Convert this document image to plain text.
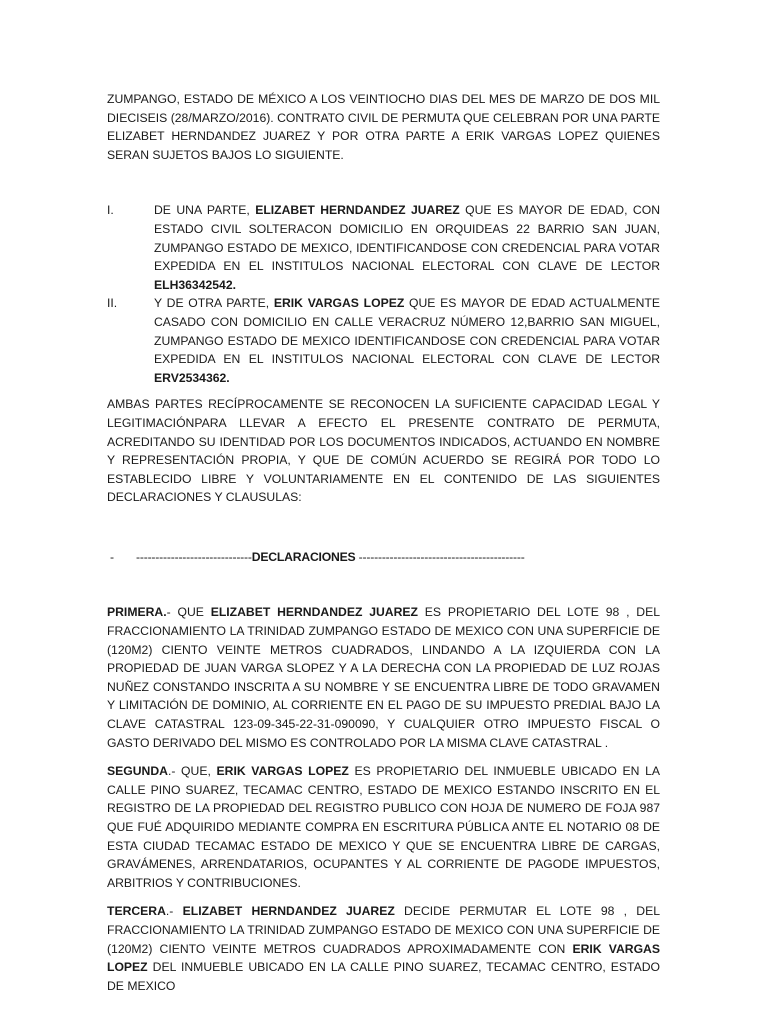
ZUMPANGO, ESTADO DE MÉXICO A LOS VEINTIOCHO DIAS DEL MES DE MARZO DE DOS MIL DIECISEIS (28/MARZO/2016). CONTRATO CIVIL DE PERMUTA QUE CELEBRAN POR UNA PARTE ELIZABET HERNDANDEZ JUAREZ Y POR OTRA PARTE A ERIK VARGAS LOPEZ QUIENES SERAN SUJETOS BAJOS LO SIGUIENTE.

I.	DE UNA PARTE, ELIZABET HERNDANDEZ JUAREZ QUE ES MAYOR DE EDAD, CON ESTADO CIVIL SOLTERACON DOMICILIO EN ORQUIDEAS 22 BARRIO SAN JUAN, ZUMPANGO ESTADO DE MEXICO, IDENTIFICANDOSE CON CREDENCIAL PARA VOTAR EXPEDIDA EN EL INSTITULOS NACIONAL ELECTORAL CON CLAVE DE LECTOR ELH36342542.
II.	Y DE OTRA PARTE, ERIK VARGAS LOPEZ QUE ES MAYOR DE EDAD ACTUALMENTE CASADO CON DOMICILIO EN CALLE VERACRUZ NÚMERO 12,BARRIO SAN MIGUEL, ZUMPANGO ESTADO DE MEXICO IDENTIFICANDOSE CON CREDENCIAL PARA VOTAR EXPEDIDA EN EL INSTITULOS NACIONAL ELECTORAL CON CLAVE DE LECTOR ERV2534362.

AMBAS PARTES RECÍPROCAMENTE SE RECONOCEN LA SUFICIENTE CAPACIDAD LEGAL Y LEGITIMACIÓNPARA LLEVAR A EFECTO EL PRESENTE CONTRATO DE PERMUTA, ACREDITANDO SU IDENTIDAD POR LOS DOCUMENTOS INDICADOS, ACTUANDO EN NOMBRE Y REPRESENTACIÓN PROPIA, Y QUE DE COMÚN ACUERDO SE REGIRÁ POR TODO LO ESTABLECIDO LIBRE Y VOLUNTARIAMENTE EN EL CONTENIDO DE LAS SIGUIENTES DECLARACIONES Y CLAUSULAS:

- ------------------------------DECLARACIONES -------------------------------------------

PRIMERA.- QUE ELIZABET HERNDANDEZ JUAREZ ES PROPIETARIO DEL LOTE 98 , DEL FRACCIONAMIENTO LA TRINIDAD ZUMPANGO ESTADO DE MEXICO CON UNA SUPERFICIE DE (120M2) CIENTO VEINTE METROS CUADRADOS, LINDANDO A LA IZQUIERDA CON LA PROPIEDAD DE JUAN VARGA SLOPEZ Y A LA DERECHA CON LA PROPIEDAD DE LUZ ROJAS NUÑEZ CONSTANDO INSCRITA A SU NOMBRE Y SE ENCUENTRA LIBRE DE TODO GRAVAMEN Y LIMITACIÓN DE DOMINIO, AL CORRIENTE EN EL PAGO DE SU IMPUESTO PREDIAL BAJO LA CLAVE CATASTRAL 123-09-345-22-31-090090, Y CUALQUIER OTRO IMPUESTO FISCAL O GASTO DERIVADO DEL MISMO ES CONTROLADO POR LA MISMA CLAVE CATASTRAL .

SEGUNDA.- QUE, ERIK VARGAS LOPEZ ES PROPIETARIO DEL INMUEBLE UBICADO EN LA CALLE PINO SUAREZ, TECAMAC CENTRO, ESTADO DE MEXICO ESTANDO INSCRITO EN EL REGISTRO DE LA PROPIEDAD DEL REGISTRO PUBLICO CON HOJA DE NUMERO DE FOJA 987 QUE FUÉ ADQUIRIDO MEDIANTE COMPRA EN ESCRITURA PÚBLICA ANTE EL NOTARIO 08 DE ESTA CIUDAD TECAMAC ESTADO DE MEXICO Y QUE SE ENCUENTRA LIBRE DE CARGAS, GRAVÁMENES, ARRENDATARIOS, OCUPANTES Y AL CORRIENTE DE PAGODE IMPUESTOS, ARBITRIOS Y CONTRIBUCIONES.

TERCERA.- ELIZABET HERNDANDEZ JUAREZ DECIDE PERMUTAR EL LOTE 98 , DEL FRACCIONAMIENTO LA TRINIDAD ZUMPANGO ESTADO DE MEXICO CON UNA SUPERFICIE DE (120M2) CIENTO VEINTE METROS CUADRADOS APROXIMADAMENTE CON ERIK VARGAS LOPEZ DEL INMUEBLE UBICADO EN LA CALLE PINO SUAREZ, TECAMAC CENTRO, ESTADO DE MEXICO
